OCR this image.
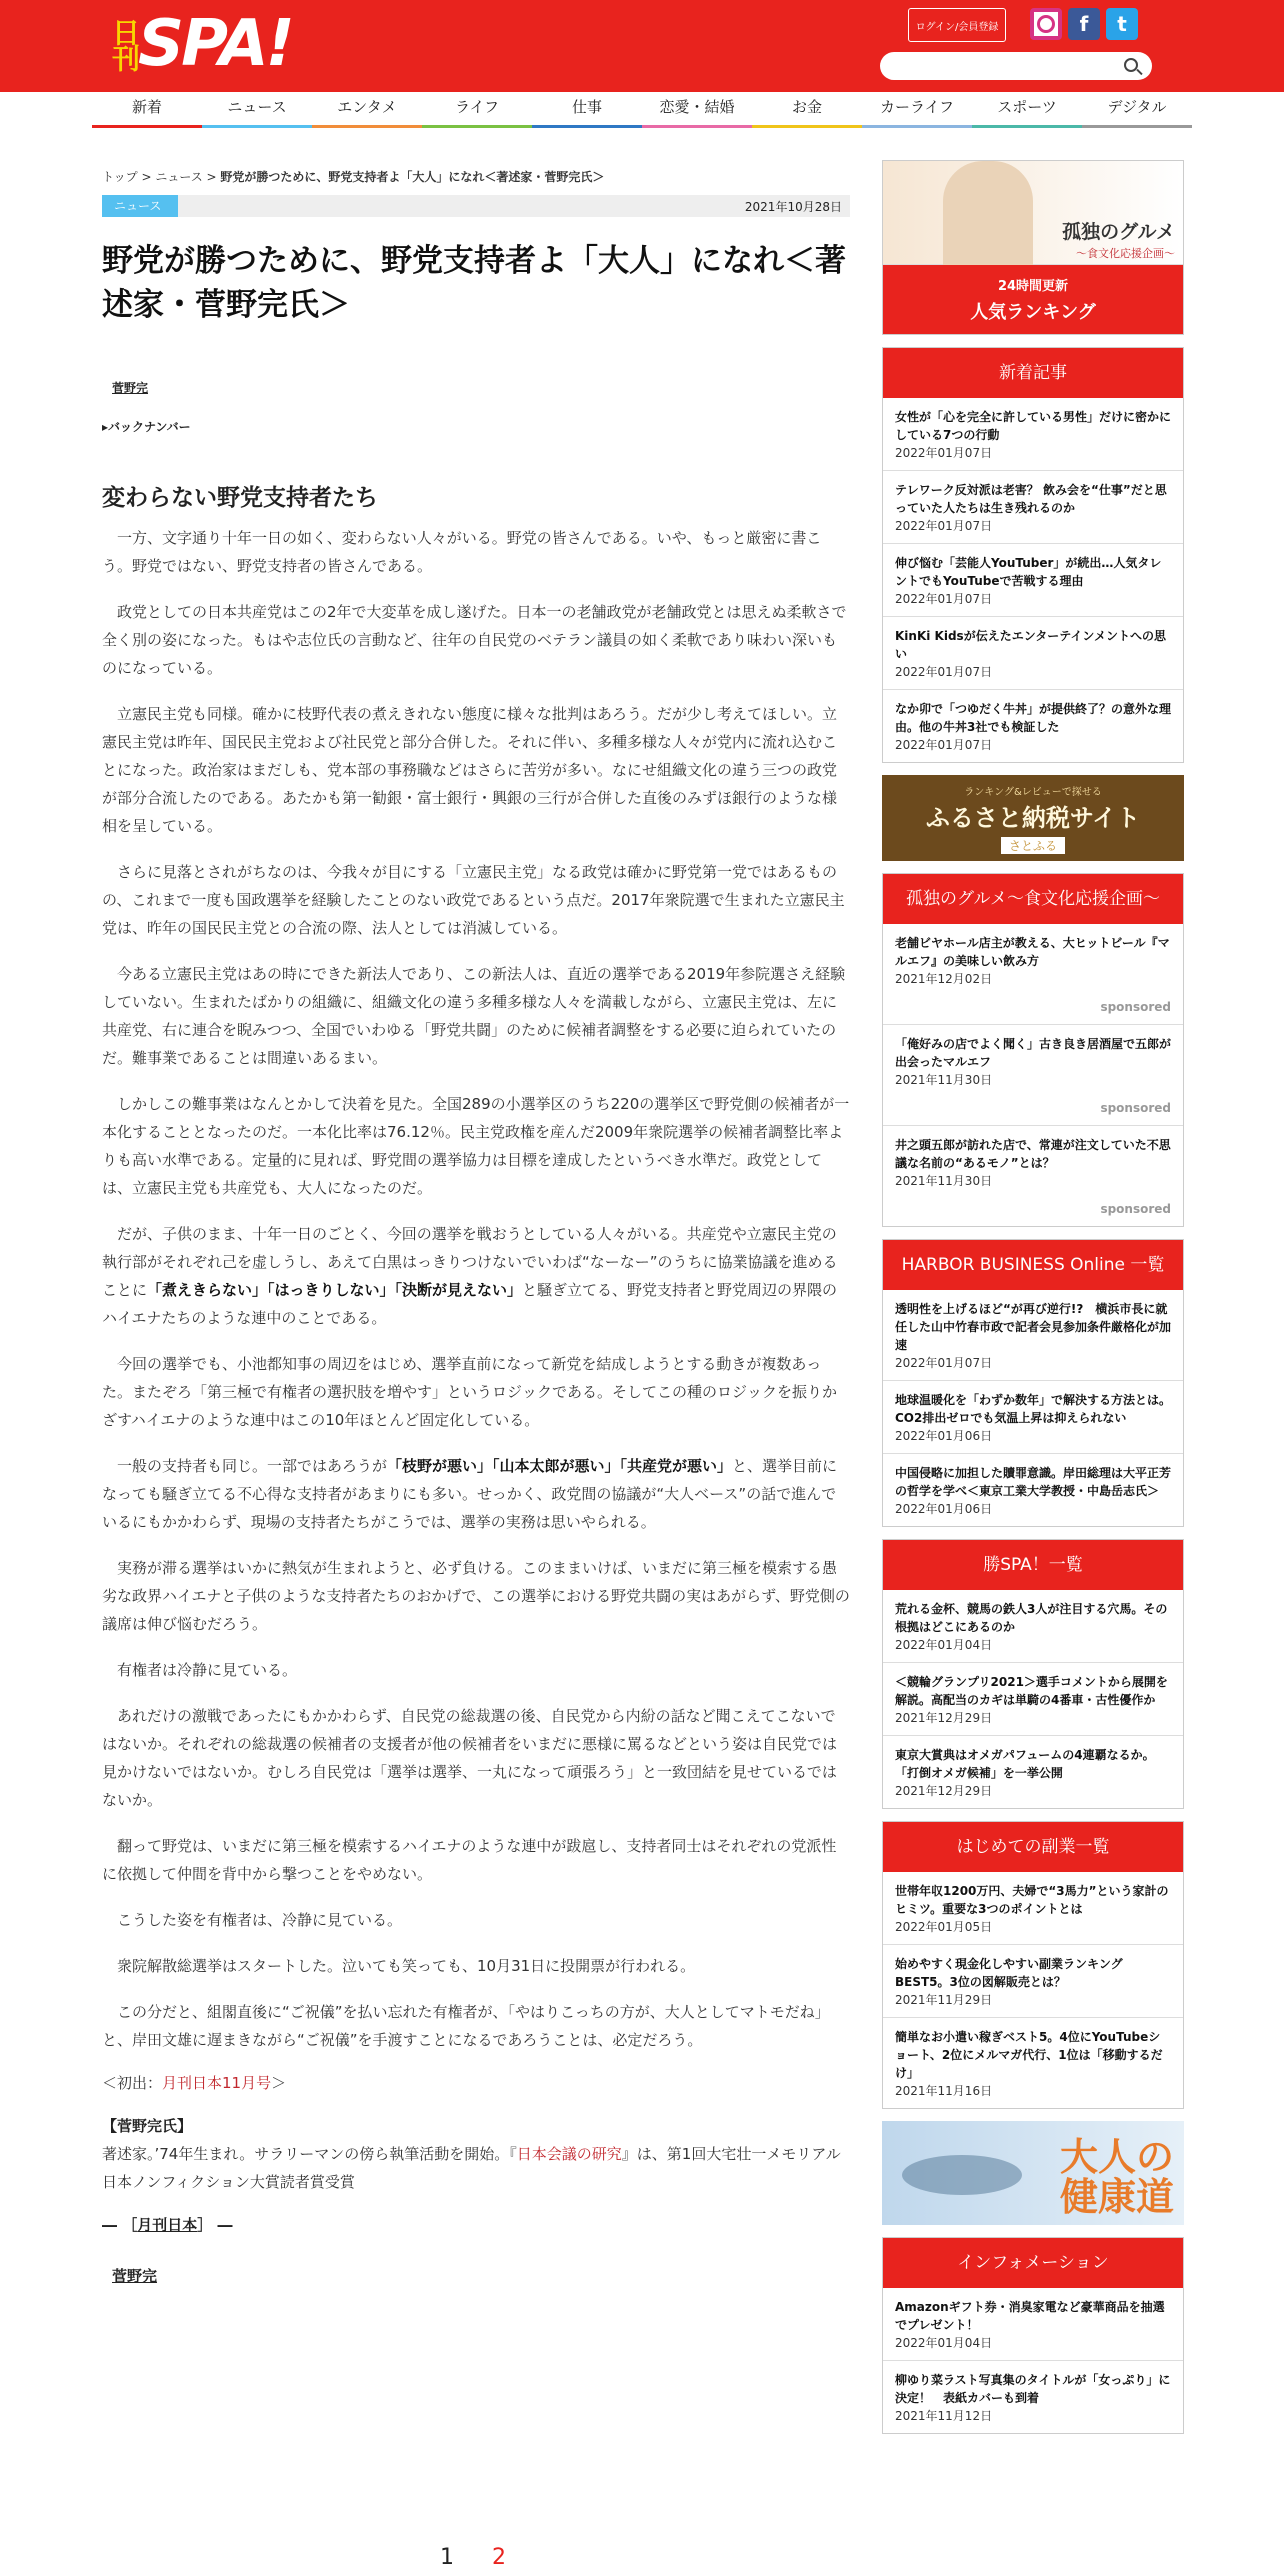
日刊
SPA!	ログイン/会員登録	f	t
新着	ニュース	エンタメ	ライフ	仕事	恋愛・結婚	お金	カーライフ	スポーツ	デジタル
トップ > ニュース > 野党が勝つために、野党支持者よ「大人」になれ＜著述家・菅野完氏＞
ニュース	2021年10月28日
野党が勝つために、野党支持者よ「大人」になれ＜著述家・菅野完氏＞
菅野完
▸バックナンバー
変わらない野党支持者たち

一方、文字通り十年一日の如く、変わらない人々がいる。野党の皆さんである。いや、もっと厳密に書こう。野党ではない、野党支持者の皆さんである。

政党としての日本共産党はこの2年で大変革を成し遂げた。日本一の老舗政党が老舗政党とは思えぬ柔軟さで全く別の姿になった。もはや志位氏の言動など、往年の自民党のベテラン議員の如く柔軟であり味わい深いものになっている。

立憲民主党も同様。確かに枝野代表の煮えきれない態度に様々な批判はあろう。だが少し考えてほしい。立憲民主党は昨年、国民民主党および社民党と部分合併した。それに伴い、多種多様な人々が党内に流れ込むことになった。政治家はまだしも、党本部の事務職などはさらに苦労が多い。なにせ組織文化の違う三つの政党が部分合流したのである。あたかも第一勧銀・富士銀行・興銀の三行が合併した直後のみずほ銀行のような様相を呈している。

さらに見落とされがちなのは、今我々が目にする「立憲民主党」なる政党は確かに野党第一党ではあるものの、これまで一度も国政選挙を経験したことのない政党であるという点だ。2017年衆院選で生まれた立憲民主党は、昨年の国民民主党との合流の際、法人としては消滅している。

今ある立憲民主党はあの時にできた新法人であり、この新法人は、直近の選挙である2019年参院選さえ経験していない。生まれたばかりの組織に、組織文化の違う多種多様な人々を満載しながら、立憲民主党は、左に共産党、右に連合を睨みつつ、全国でいわゆる「野党共闘」のために候補者調整をする必要に迫られていたのだ。難事業であることは間違いあるまい。

しかしこの難事業はなんとかして決着を見た。全国289の小選挙区のうち220の選挙区で野党側の候補者が一本化することとなったのだ。一本化比率は76.12％。民主党政権を産んだ2009年衆院選挙の候補者調整比率よりも高い水準である。定量的に見れば、野党間の選挙協力は目標を達成したというべき水準だ。政党としては、立憲民主党も共産党も、大人になったのだ。

だが、子供のまま、十年一日のごとく、今回の選挙を戦おうとしている人々がいる。共産党や立憲民主党の執行部がそれぞれ己を虚しうし、あえて白黒はっきりつけないでいわば“なーなー”のうちに協業協議を進めることに「煮えきらない」「はっきりしない」「決断が見えない」と騒ぎ立てる、野党支持者と野党周辺の界隈のハイエナたちのような連中のことである。

今回の選挙でも、小池都知事の周辺をはじめ、選挙直前になって新党を結成しようとする動きが複数あった。またぞろ「第三極で有権者の選択肢を増やす」というロジックである。そしてこの種のロジックを振りかざすハイエナのような連中はこの10年ほとんど固定化している。

一般の支持者も同じ。一部ではあろうが「枝野が悪い」「山本太郎が悪い」「共産党が悪い」と、選挙目前になっても騒ぎ立てる不心得な支持者があまりにも多い。せっかく、政党間の協議が“大人ベース”の話で進んでいるにもかかわらず、現場の支持者たちがこうでは、選挙の実務は思いやられる。

実務が滞る選挙はいかに熱気が生まれようと、必ず負ける。このままいけば、いまだに第三極を模索する愚劣な政界ハイエナと子供のような支持者たちのおかげで、この選挙における野党共闘の実はあがらず、野党側の議席は伸び悩むだろう。

有権者は冷静に見ている。

あれだけの激戦であったにもかかわらず、自民党の総裁選の後、自民党から内紛の話など聞こえてこないではないか。それぞれの総裁選の候補者の支援者が他の候補者をいまだに悪様に罵るなどという姿は自民党では見かけないではないか。むしろ自民党は「選挙は選挙、一丸になって頑張ろう」と一致団結を見せているではないか。

翻って野党は、いまだに第三極を模索するハイエナのような連中が跋扈し、支持者同士はそれぞれの党派性に依拠して仲間を背中から撃つことをやめない。

こうした姿を有権者は、冷静に見ている。

衆院解散総選挙はスタートした。泣いても笑っても、10月31日に投開票が行われる。

この分だと、組閣直後に“ご祝儀”を払い忘れた有権者が、「やはりこっちの方が、大人としてマトモだね」と、岸田文雄に遅まきながら“ご祝儀”を手渡すことになるであろうことは、必定だろう。

＜初出：月刊日本11月号＞
【菅野完氏】
著述家。’74年生まれ。サラリーマンの傍ら執筆活動を開始。『日本会議の研究』は、第1回大宅壮一メモリアル日本ノンフィクション大賞読者賞受賞
― ［月刊日本］ ―
菅野完
1 2
孤独のグルメ
〜食文化応援企画〜
24時間更新
人気ランキング
新着記事
女性が「心を完全に許している男性」だけに密かにしている7つの行動
2022年01月07日
テレワーク反対派は老害？ 飲み会を“仕事”だと思っていた人たちは生き残れるのか
2022年01月07日
伸び悩む「芸能人YouTuber」が続出…人気タレントでもYouTubeで苦戦する理由
2022年01月07日
KinKi Kidsが伝えたエンターテインメントへの思い
2022年01月07日
なか卯で「つゆだく牛丼」が提供終了？の意外な理由。他の牛丼3社でも検証した
2022年01月07日
ランキング&レビューで探せる
ふるさと納税サイト
さとふる
孤独のグルメ〜食文化応援企画〜
老舗ビヤホール店主が教える、大ヒットビール『マルエフ』の美味しい飲み方
2021年12月02日
sponsored
「俺好みの店でよく聞く」古き良き居酒屋で五郎が出会ったマルエフ
2021年11月30日
sponsored
井之頭五郎が訪れた店で、常連が注文していた不思議な名前の“あるモノ”とは？
2021年11月30日
sponsored
HARBOR BUSINESS Online 一覧
透明性を上げるほど“が再び逆行!?　横浜市長に就任した山中竹春市政で記者会見参加条件厳格化が加速
2022年01月07日
地球温暖化を「わずか数年」で解決する方法とは。CO2排出ゼロでも気温上昇は抑えられない
2022年01月06日
中国侵略に加担した贖罪意識。岸田総理は大平正芳の哲学を学べ＜東京工業大学教授・中島岳志氏＞
2022年01月06日
勝SPA！一覧
荒れる金杯、競馬の鉄人3人が注目する穴馬。その根拠はどこにあるのか
2022年01月04日
＜競輪グランプリ2021＞選手コメントから展開を解説。高配当のカギは単騎の4番車・古性優作か
2021年12月29日
東京大賞典はオメガパフュームの4連覇なるか。「打倒オメガ候補」を一挙公開
2021年12月29日
はじめての副業一覧
世帯年収1200万円、夫婦で“3馬力”という家計のヒミツ。重要な3つのポイントとは
2022年01月05日
始めやすく現金化しやすい副業ランキングBEST5。3位の図解販売とは？
2021年11月29日
簡単なお小遣い稼ぎベスト5。4位にYouTubeショート、2位にメルマガ代行、1位は「移動するだけ」
2021年11月16日
大人の
健康道
インフォメーション
Amazonギフト券・消臭家電など豪華商品を抽選でプレゼント！
2022年01月04日
柳ゆり菜ラスト写真集のタイトルが「女っぷり」に決定！　表紙カバーも到着
2021年11月12日
